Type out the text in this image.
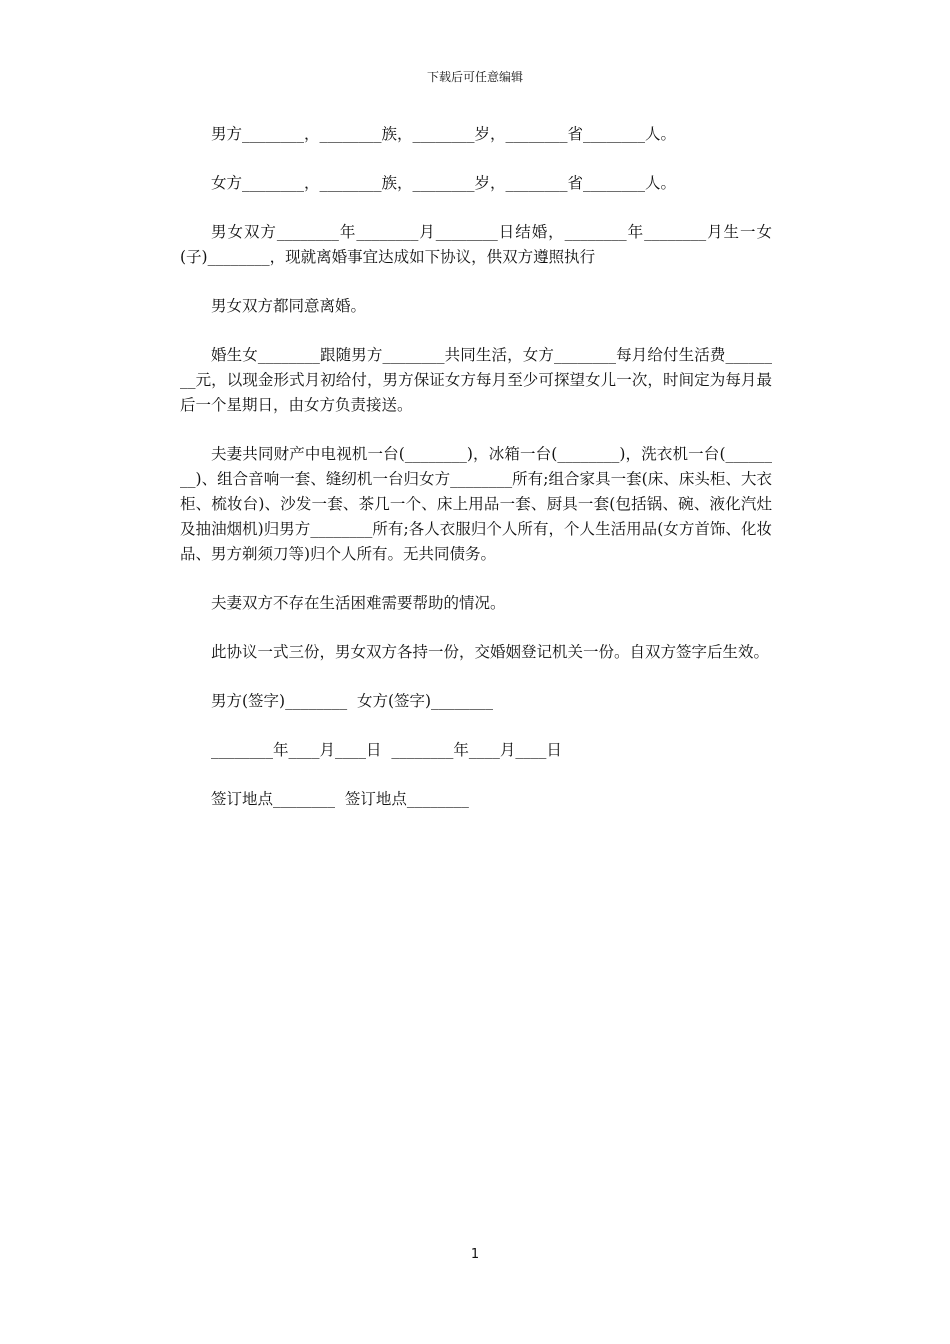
下载后可任意编辑

男方________，________族，________岁，________省________人。

女方________，________族，________岁，________省________人。

男女双方________年________月________日结婚，________年________月生一女(子)________，现就离婚事宜达成如下协议，供双方遵照执行

男女双方都同意离婚。

婚生女________跟随男方________共同生活，女方________每月给付生活费________元，以现金形式月初给付，男方保证女方每月至少可探望女儿一次，时间定为每月最后一个星期日，由女方负责接送。

夫妻共同财产中电视机一台(________)，冰箱一台(________)，洗衣机一台(________)、组合音响一套、缝纫机一台归女方________所有;组合家具一套(床、床头柜、大衣柜、梳妆台)、沙发一套、茶几一个、床上用品一套、厨具一套(包括锅、碗、液化汽灶及抽油烟机)归男方________所有;各人衣服归个人所有，个人生活用品(女方首饰、化妆品、男方剃须刀等)归个人所有。无共同债务。

夫妻双方不存在生活困难需要帮助的情况。

此协议一式三份，男女双方各持一份，交婚姻登记机关一份。自双方签字后生效。

男方(签字)________  女方(签字)________

________年____月____日  ________年____月____日

签订地点________  签订地点________

1
